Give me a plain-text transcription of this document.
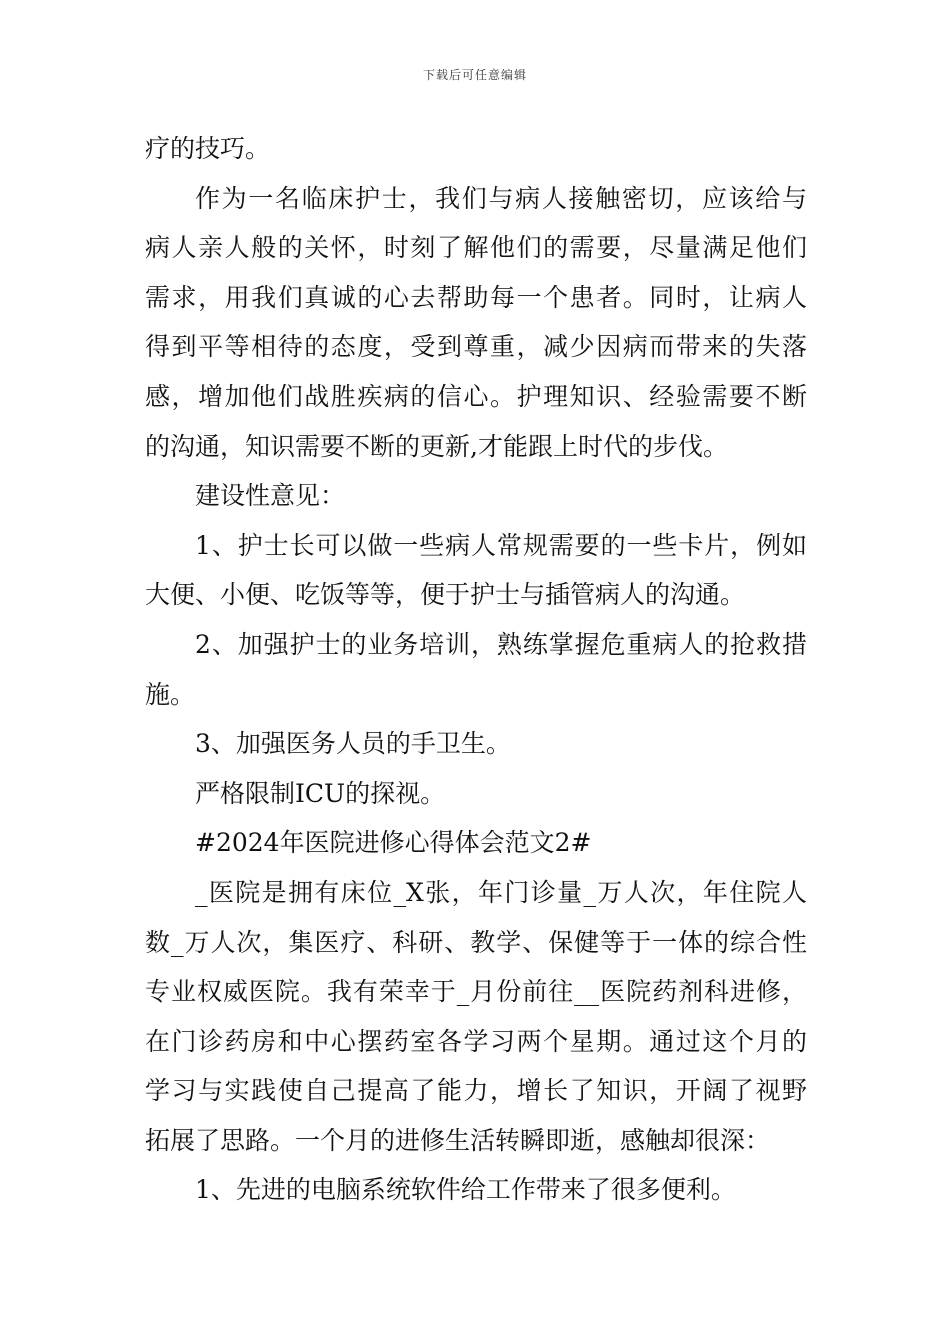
下载后可任意编辑
疗的技巧。
作为一名临床护士，我们与病人接触密切，应该给与
病人亲人般的关怀，时刻了解他们的需要，尽量满足他们
需求，用我们真诚的心去帮助每一个患者。同时，让病人
得到平等相待的态度，受到尊重，减少因病而带来的失落
感，增加他们战胜疾病的信心。护理知识、经验需要不断
的沟通，知识需要不断的更新,才能跟上时代的步伐。
建设性意见：
1、护士长可以做一些病人常规需要的一些卡片，例如
大便、小便、吃饭等等，便于护士与插管病人的沟通。
2、加强护士的业务培训，熟练掌握危重病人的抢救措
施。
3、加强医务人员的手卫生。
严格限制ICU的探视。
#2024年医院进修心得体会范文2#
_医院是拥有床位_X张，年门诊量_万人次，年住院人
数_万人次，集医疗、科研、教学、保健等于一体的综合性
专业权威医院。我有荣幸于_月份前往__医院药剂科进修，
在门诊药房和中心摆药室各学习两个星期。通过这个月的
学习与实践使自己提高了能力，增长了知识，开阔了视野
拓展了思路。一个月的进修生活转瞬即逝，感触却很深：
1、先进的电脑系统软件给工作带来了很多便利。
